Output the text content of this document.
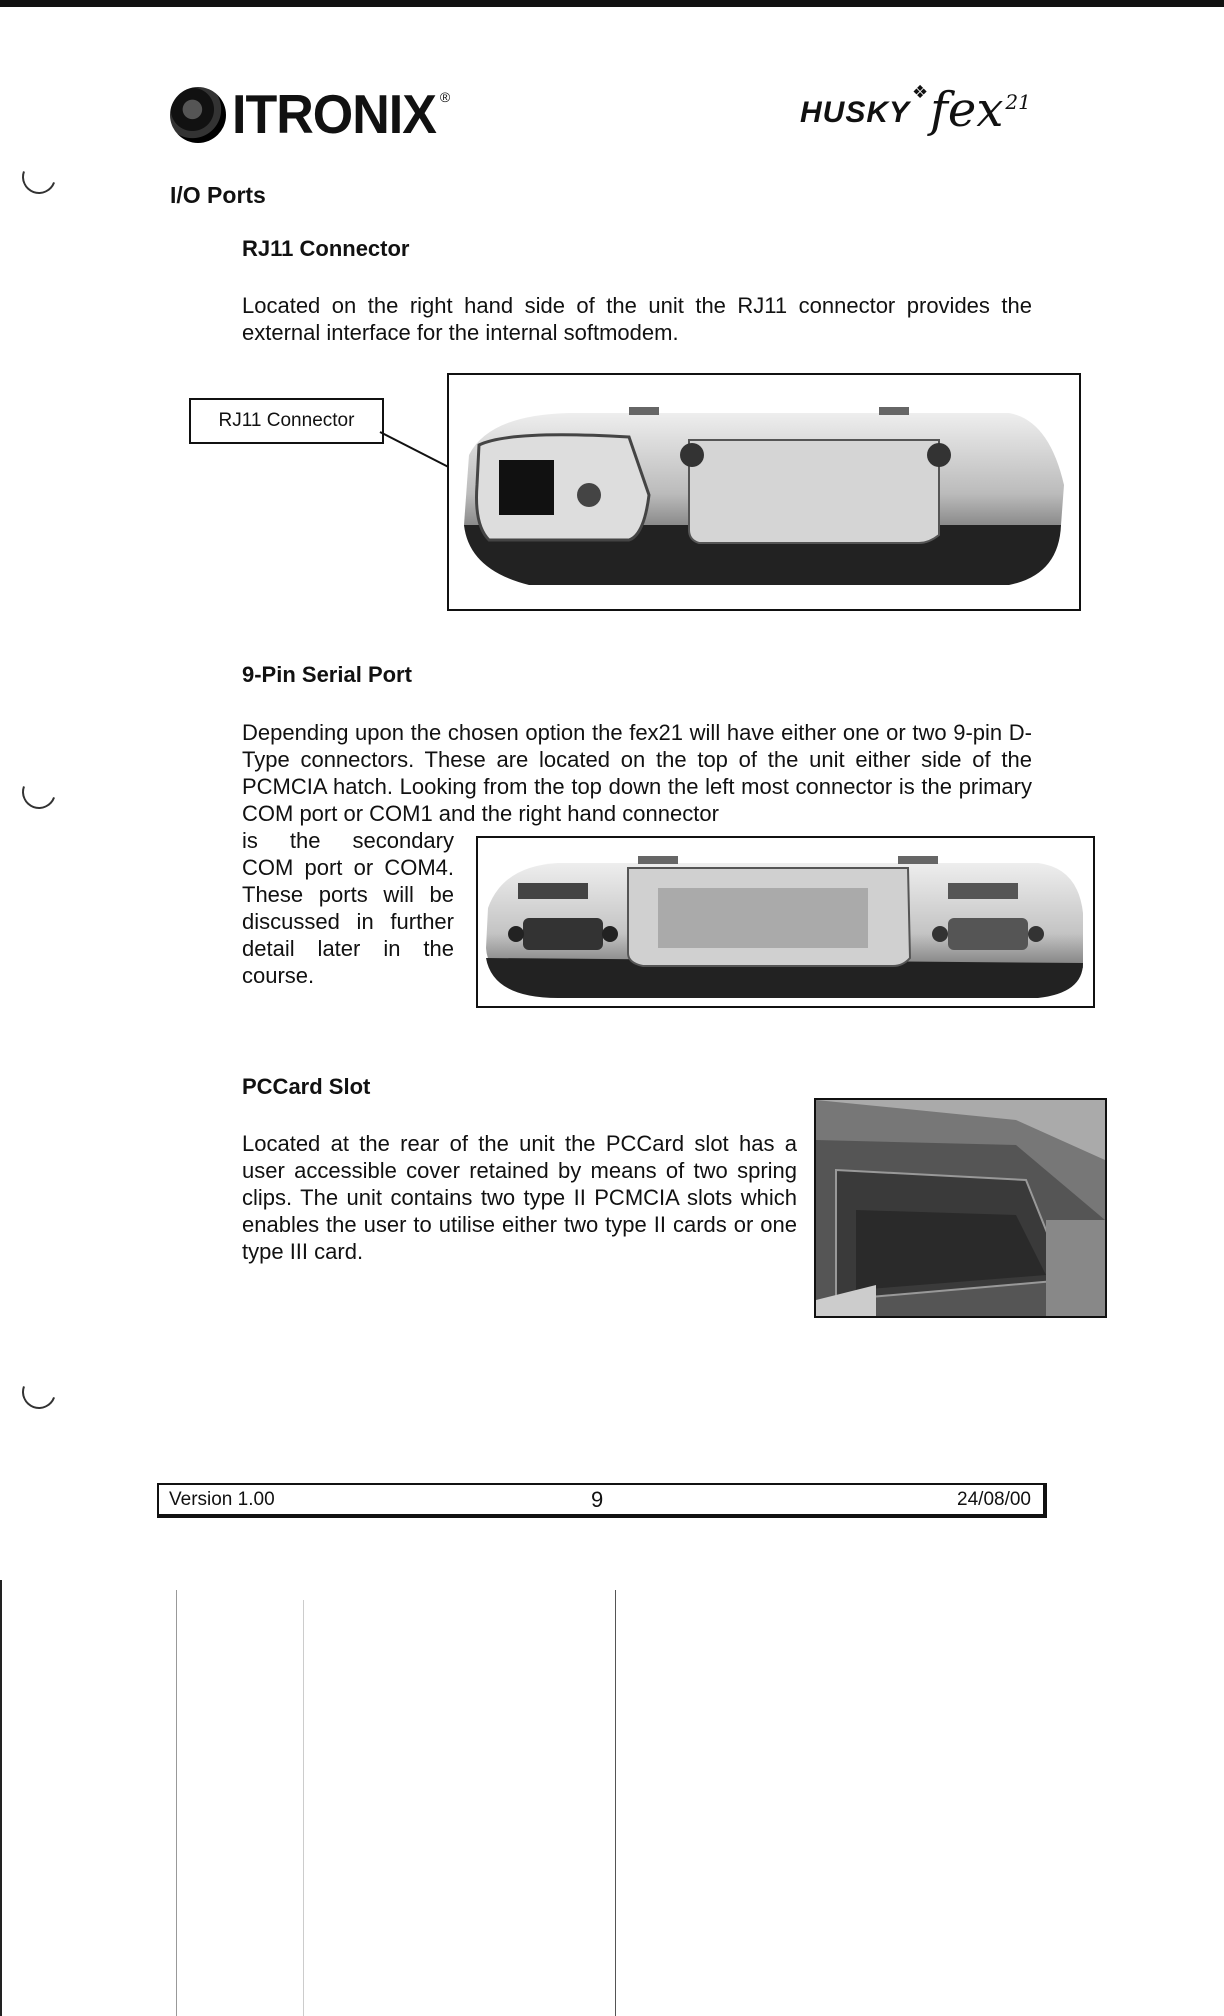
ITRONIX ®	HUSKY
❖ fex 21
I/O Ports
RJ11 Connector
Located on the right hand side of the unit the RJ11 connector provides the external interface for the internal softmodem.
RJ11 Connector
9-Pin Serial Port
Depending upon the chosen option the fex21 will have either one or two 9-pin D-Type connectors. These are located on the top of the unit either side of the PCMCIA hatch. Looking from the top down the left most connector is the primary COM port or COM1 and the right hand connector
is the secondary COM port or COM4. These ports will be discussed in further detail later in the course.
PCCard Slot
Located at the rear of the unit the PCCard slot has a user accessible cover retained by means of two spring clips. The unit contains two type II PCMCIA slots which enables the user to utilise either two type II cards or one type III card.
Version 1.00	9	24/08/00
